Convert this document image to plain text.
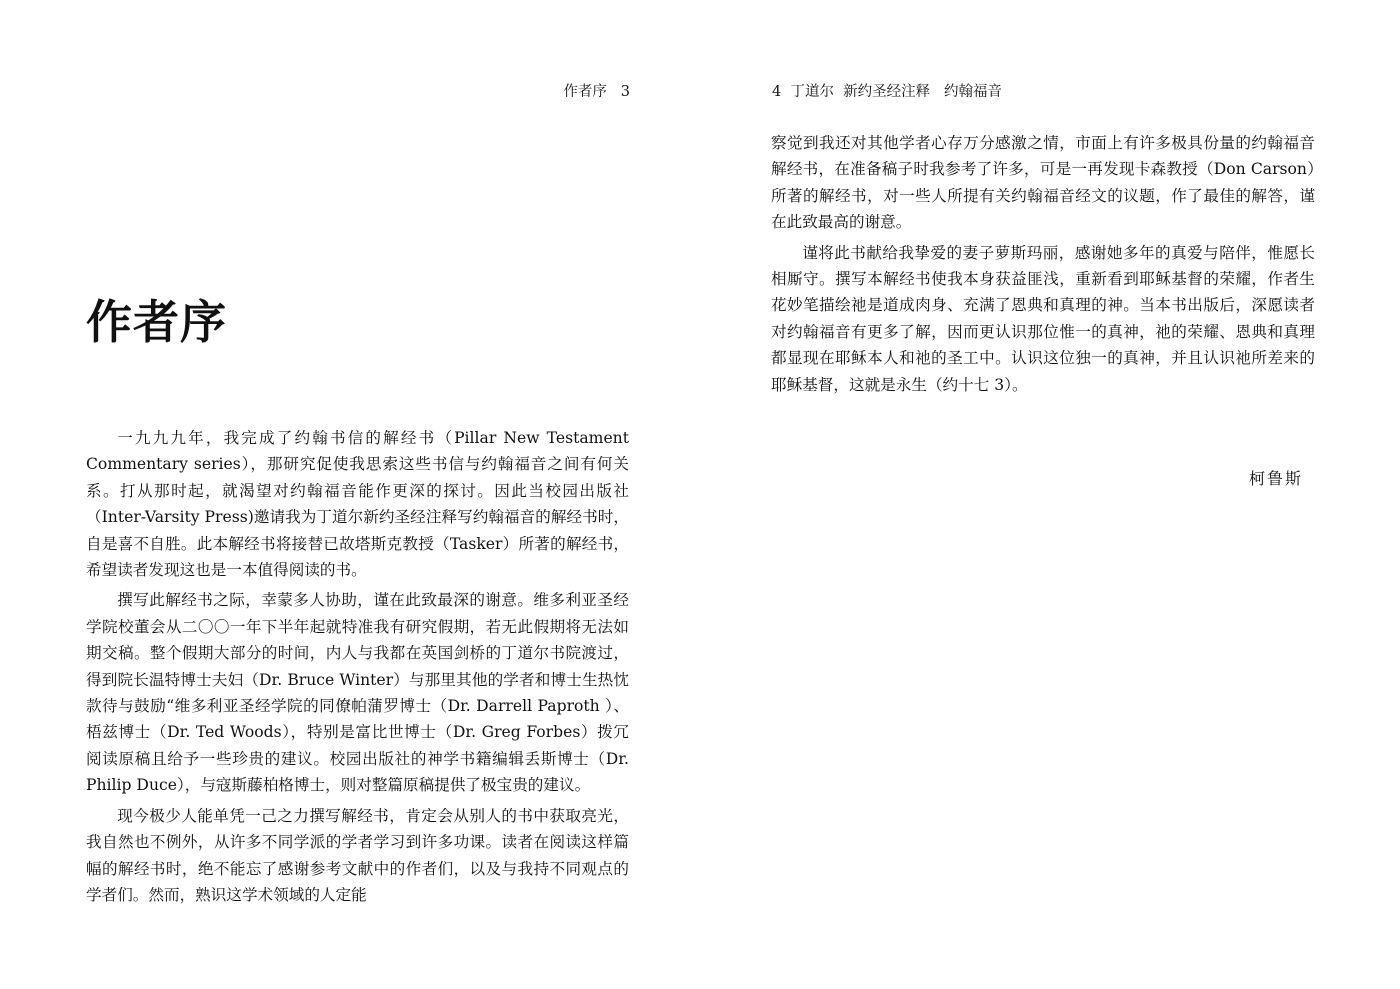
作者序   3
作者序

一九九九年，我完成了约翰书信的解经书（Pillar New Testament Commentary series），那研究促使我思索这些书信与约翰福音之间有何关系。打从那时起，就渴望对约翰福音能作更深的探讨。因此当校园出版社（Inter-Varsity Press)邀请我为丁道尔新约圣经注释写约翰福音的解经书时，自是喜不自胜。此本解经书将接替已故塔斯克教授（Tasker）所著的解经书，希望读者发现这也是一本值得阅读的书。

撰写此解经书之际，幸蒙多人协助，谨在此致最深的谢意。维多利亚圣经学院校董会从二〇〇一年下半年起就特准我有研究假期，若无此假期将无法如期交稿。整个假期大部分的时间，内人与我都在英国剑桥的丁道尔书院渡过，得到院长温特博士夫妇（Dr. Bruce Winter）与那里其他的学者和博士生热忱款待与鼓励“维多利亚圣经学院的同僚帕蒲罗博士（Dr. Darrell Paproth ）、梧兹博士（Dr. Ted Woods），特别是富比世博士（Dr. Greg Forbes）拨冗阅读原稿且给予一些珍贵的建议。校园出版社的神学书籍编辑丢斯博士（Dr. Philip Duce），与寇斯藤柏格博士，则对整篇原稿提供了极宝贵的建议。

现今极少人能单凭一己之力撰写解经书，肯定会从别人的书中获取亮光，我自然也不例外，从许多不同学派的学者学习到许多功课。读者在阅读这样篇幅的解经书时，绝不能忘了感谢参考文献中的作者们，以及与我持不同观点的学者们。然而，熟识这学术领域的人定能

4  丁道尔  新约圣经注释   约翰福音

察觉到我还对其他学者心存万分感激之情，市面上有许多极具份量的约翰福音解经书，在准备稿子时我参考了许多，可是一再发现卡森教授（Don Carson）所著的解经书，对一些人所提有关约翰福音经文的议题，作了最佳的解答，谨在此致最高的谢意。

谨将此书献给我挚爱的妻子萝斯玛丽，感谢她多年的真爱与陪伴，惟愿长相厮守。撰写本解经书使我本身获益匪浅，重新看到耶稣基督的荣耀，作者生花妙笔描绘祂是道成肉身、充满了恩典和真理的神。当本书出版后，深愿读者对约翰福音有更多了解，因而更认识那位惟一的真神，祂的荣耀、恩典和真理都显现在耶稣本人和祂的圣工中。认识这位独一的真神，并且认识祂所差来的耶稣基督，这就是永生（约十七 3）。

柯鲁斯
